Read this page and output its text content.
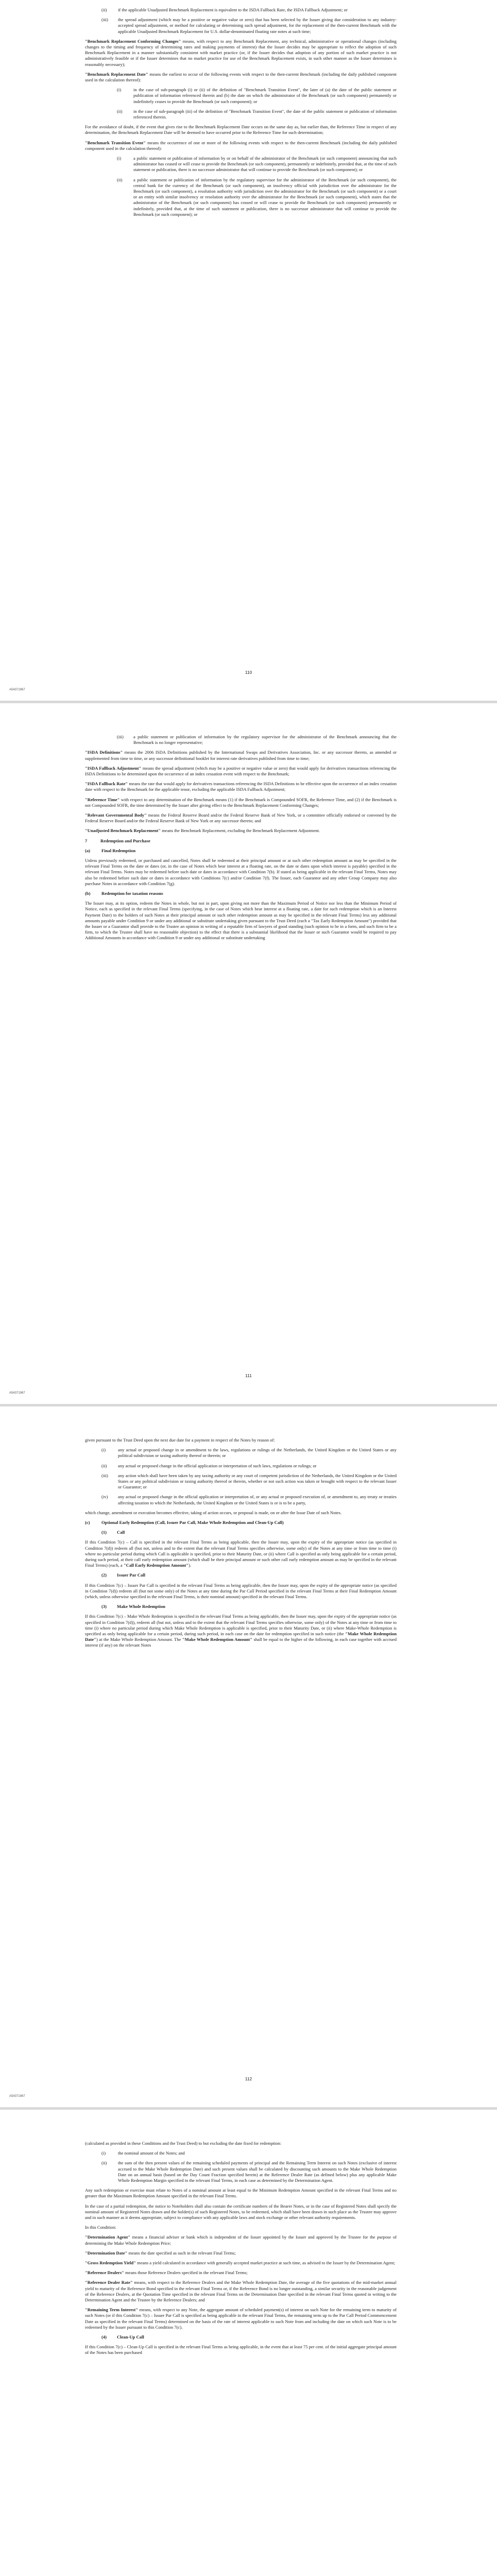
(ii)	if the applicable Unadjusted Benchmark Replacement is equivalent to the ISDA Fallback Rate, the ISDA Fallback Adjustment; or
(iii)	the spread adjustment (which may be a positive or negative value or zero) that has been selected by the Issuer giving due consideration to any industry-accepted spread adjustment, or method for calculating or determining such spread adjustment, for the replacement of the then-current Benchmark with the applicable Unadjusted Benchmark Replacement for U.S. dollar-denominated floating rate notes at such time;

"Benchmark Replacement Conforming Changes" means, with respect to any Benchmark Replacement, any technical, administrative or operational changes (including changes to the timing and frequency of determining rates and making payments of interest) that the Issuer decides may be appropriate to reflect the adoption of such Benchmark Replacement in a manner substantially consistent with market practice (or, if the Issuer decides that adoption of any portion of such market practice is not administratively feasible or if the Issuer determines that no market practice for use of the Benchmark Replacement exists, in such other manner as the Issuer determines is reasonably necessary);

"Benchmark Replacement Date" means the earliest to occur of the following events with respect to the then-current Benchmark (including the daily published component used in the calculation thereof):

(i)	in the case of sub-paragraph (i) or (ii) of the definition of "Benchmark Transition Event", the later of (a) the date of the public statement or publication of information referenced therein and (b) the date on which the administrator of the Benchmark (or such component) permanently or indefinitely ceases to provide the Benchmark (or such component); or
(ii)	in the case of sub-paragraph (iii) of the definition of "Benchmark Transition Event", the date of the public statement or publication of information referenced therein.

For the avoidance of doubt, if the event that gives rise to the Benchmark Replacement Date occurs on the same day as, but earlier than, the Reference Time in respect of any determination, the Benchmark Replacement Date will be deemed to have occurred prior to the Reference Time for such determination;

"Benchmark Transition Event" means the occurrence of one or more of the following events with respect to the then-current Benchmark (including the daily published component used in the calculation thereof):

(i)	a public statement or publication of information by or on behalf of the administrator of the Benchmark (or such component) announcing that such administrator has ceased or will cease to provide the Benchmark (or such component), permanently or indefinitely, provided that, at the time of such statement or publication, there is no successor administrator that will continue to provide the Benchmark (or such component); or
(ii)	a public statement or publication of information by the regulatory supervisor for the administrator of the Benchmark (or such component), the central bank for the currency of the Benchmark (or such component), an insolvency official with jurisdiction over the administrator for the Benchmark (or such component), a resolution authority with jurisdiction over the administrator for the Benchmark (or such component) or a court or an entity with similar insolvency or resolution authority over the administrator for the Benchmark (or such component), which states that the administrator of the Benchmark (or such component) has ceased or will cease to provide the Benchmark (or such component) permanently or indefinitely, provided that, at the time of such statement or publication, there is no successor administrator that will continue to provide the Benchmark (or such component); or
110
A54371967
(iii)	a public statement or publication of information by the regulatory supervisor for the administrator of the Benchmark announcing that the Benchmark is no longer representative;

"ISDA Definitions" means the 2006 ISDA Definitions published by the International Swaps and Derivatives Association, Inc. or any successor thereto, as amended or supplemented from time to time, or any successor definitional booklet for interest rate derivatives published from time to time;

"ISDA Fallback Adjustment" means the spread adjustment (which may be a positive or negative value or zero) that would apply for derivatives transactions referencing the ISDA Definitions to be determined upon the occurrence of an index cessation event with respect to the Benchmark;

"ISDA Fallback Rate" means the rate that would apply for derivatives transactions referencing the ISDA Definitions to be effective upon the occurrence of an index cessation date with respect to the Benchmark for the applicable tenor, excluding the applicable ISDA Fallback Adjustment;

"Reference Time" with respect to any determination of the Benchmark means (1) if the Benchmark is Compounded SOFR, the Reference Time, and (2) if the Benchmark is not Compounded SOFR, the time determined by the Issuer after giving effect to the Benchmark Replacement Conforming Changes;

"Relevant Governmental Body" means the Federal Reserve Board and/or the Federal Reserve Bank of New York, or a committee officially endorsed or convened by the Federal Reserve Board and/or the Federal Reserve Bank of New York or any successor thereto; and

"Unadjusted Benchmark Replacement" means the Benchmark Replacement, excluding the Benchmark Replacement Adjustment.

7	Redemption and Purchase
(a)	Final Redemption

Unless previously redeemed, or purchased and cancelled, Notes shall be redeemed at their principal amount or at such other redemption amount as may be specified in the relevant Final Terms on the date or dates (or, in the case of Notes which bear interest at a floating rate, on the date or dates upon which interest is payable) specified in the relevant Final Terms. Notes may be redeemed before such date or dates in accordance with Condition 7(b). If stated as being applicable in the relevant Final Terms, Notes may also be redeemed before such date or dates in accordance with Conditions 7(c) and/or Condition 7(f). The Issuer, each Guarantor and any other Group Company may also purchase Notes in accordance with Condition 7(g).

(b)	Redemption for taxation reasons

The Issuer may, at its option, redeem the Notes in whole, but not in part, upon giving not more than the Maximum Period of Notice nor less than the Minimum Period of Notice, each as specified in the relevant Final Terms (specifying, in the case of Notes which bear interest at a floating rate, a date for such redemption which is an Interest Payment Date) to the holders of such Notes at their principal amount or such other redemption amount as may be specified in the relevant Final Terms) less any additional amounts payable under Condition 9 or under any additional or substitute undertaking given pursuant to the Trust Deed (each a "Tax Early Redemption Amount") provided that the Issuer or a Guarantor shall provide to the Trustee an opinion in writing of a reputable firm of lawyers of good standing (such opinion to be in a form, and such firm to be a firm, to which the Trustee shall have no reasonable objection) to the effect that there is a substantial likelihood that the Issuer or such Guarantor would be required to pay Additional Amounts in accordance with Condition 9 or under any additional or substitute undertaking

111
A54371967

given pursuant to the Trust Deed upon the next due date for a payment in respect of the Notes by reason of:

(i)	any actual or proposed change in or amendment to the laws, regulations or rulings of the Netherlands, the United Kingdom or the United States or any political subdivision or taxing authority thereof or therein; or
(ii)	any actual or proposed change in the official application or interpretation of such laws, regulations or rulings; or
(iii)	any action which shall have been taken by any taxing authority or any court of competent jurisdiction of the Netherlands, the United Kingdom or the United States or any political subdivision or taxing authority thereof or therein, whether or not such action was taken or brought with respect to the relevant Issuer or Guarantor; or
(iv)	any actual or proposed change in the official application or interpretation of, or any actual or proposed execution of, or amendment to, any treaty or treaties affecting taxation to which the Netherlands, the United Kingdom or the United States is or is to be a party,

which change, amendment or execution becomes effective, taking of action occurs, or proposal is made, on or after the Issue Date of such Notes.

(c)	Optional Early Redemption (Call, Issuer Par Call, Make Whole Redemption and Clean-Up Call)
(1)	Call

If this Condition 7(c) – Call is specified in the relevant Final Terms as being applicable, then the Issuer may, upon the expiry of the appropriate notice (as specified in Condition 7(d)) redeem all (but not, unless and to the extent that the relevant Final Terms specifies otherwise, some only) of the Notes at any time or from time to time (i) where no particular period during which Call is applicable is specified, prior to their Maturity Date, or (ii) where Call is specified as only being applicable for a certain period, during such period, at their call early redemption amount (which shall be their principal amount or such other call early redemption amount as may be specified in the relevant Final Terms) (each, a "Call Early Redemption Amount").

(2)	Issuer Par Call

If this Condition 7(c) – Issuer Par Call is specified in the relevant Final Terms as being applicable, then the Issuer may, upon the expiry of the appropriate notice (as specified in Condition 7(d)) redeem all (but not some only) of the Notes at any time during the Par Call Period specified in the relevant Final Terms at their Final Redemption Amount (which, unless otherwise specified in the relevant Final Terms, is their nominal amount) specified in the relevant Final Terms.

(3)	Make Whole Redemption

If this Condition 7(c) – Make Whole Redemption is specified in the relevant Final Terms as being applicable, then the Issuer may, upon the expiry of the appropriate notice (as specified in Condition 7(d)), redeem all (but not, unless and to the extent that the relevant Final Terms specifies otherwise, some only) of the Notes at any time or from time to time (i) where no particular period during which Make Whole Redemption is applicable is specified, prior to their Maturity Date, or (ii) where Make-Whole Redemption is specified as only being applicable for a certain period, during such period, in each case on the date for redemption specified in such notice (the "Make Whole Redemption Date") at the Make Whole Redemption Amount. The "Make Whole Redemption Amount" shall be equal to the higher of the following, in each case together with accrued interest (if any) on the relevant Notes

112
A54371967

(calculated as provided in these Conditions and the Trust Deed) to but excluding the date fixed for redemption:

(i)	the nominal amount of the Notes; and
(ii)	the sum of the then present values of the remaining scheduled payments of principal and the Remaining Term Interest on such Notes (exclusive of interest accrued to the Make Whole Redemption Date) and such present values shall be calculated by discounting such amounts to the Make Whole Redemption Date on an annual basis (based on the Day Count Fraction specified herein) at the Reference Dealer Rate (as defined below) plus any applicable Make Whole Redemption Margin specified in the relevant Final Terms, in each case as determined by the Determination Agent.

Any such redemption or exercise must relate to Notes of a nominal amount at least equal to the Minimum Redemption Amount specified in the relevant Final Terms and no greater than the Maximum Redemption Amount specified in the relevant Final Terms.

In the case of a partial redemption, the notice to Noteholders shall also contain the certificate numbers of the Bearer Notes, or in the case of Registered Notes shall specify the nominal amount of Registered Notes drawn and the holder(s) of such Registered Notes, to be redeemed, which shall have been drawn in such place as the Trustee may approve and in such manner as it deems appropriate, subject to compliance with any applicable laws and stock exchange or other relevant authority requirements.

In this Condition:

"Determination Agent" means a financial adviser or bank which is independent of the Issuer appointed by the Issuer and approved by the Trustee for the purpose of determining the Make Whole Redemption Price;

"Determination Date" means the date specified as such in the relevant Final Terms;

"Gross Redemption Yield" means a yield calculated in accordance with generally accepted market practice at such time, as advised to the Issuer by the Determination Agent;

"Reference Dealers" means those Reference Dealers specified in the relevant Final Terms;

"Reference Dealer Rate" means, with respect to the Reference Dealers and the Make Whole Redemption Date, the average of the five quotations of the mid-market annual yield to maturity of the Reference Bond specified in the relevant Final Terms or, if the Reference Bond is no longer outstanding, a similar security in the reasonable judgement of the Reference Dealers, at the Quotation Time specified in the relevant Final Terms on the Determination Date specified in the relevant Final Terms quoted in writing to the Determination Agent and the Trustee by the Reference Dealers; and

"Remaining Term Interest" means, with respect to any Note, the aggregate amount of scheduled payment(s) of interest on such Note for the remaining term to maturity of such Notes (or if this Condition 7(c) – Issuer Par Call is specified as being applicable in the relevant Final Terms, the remaining term up to the Par Call Period Commencement Date as specified in the relevant Final Terms) determined on the basis of the rate of interest applicable to such Note from and including the date on which such Note is to be redeemed by the Issuer pursuant to this Condition 7(c).

(4)	Clean-Up Call

If this Condition 7(c) – Clean-Up Call is specified in the relevant Final Terms as being applicable, in the event that at least 75 per cent. of the initial aggregate principal amount of the Notes has been purchased
